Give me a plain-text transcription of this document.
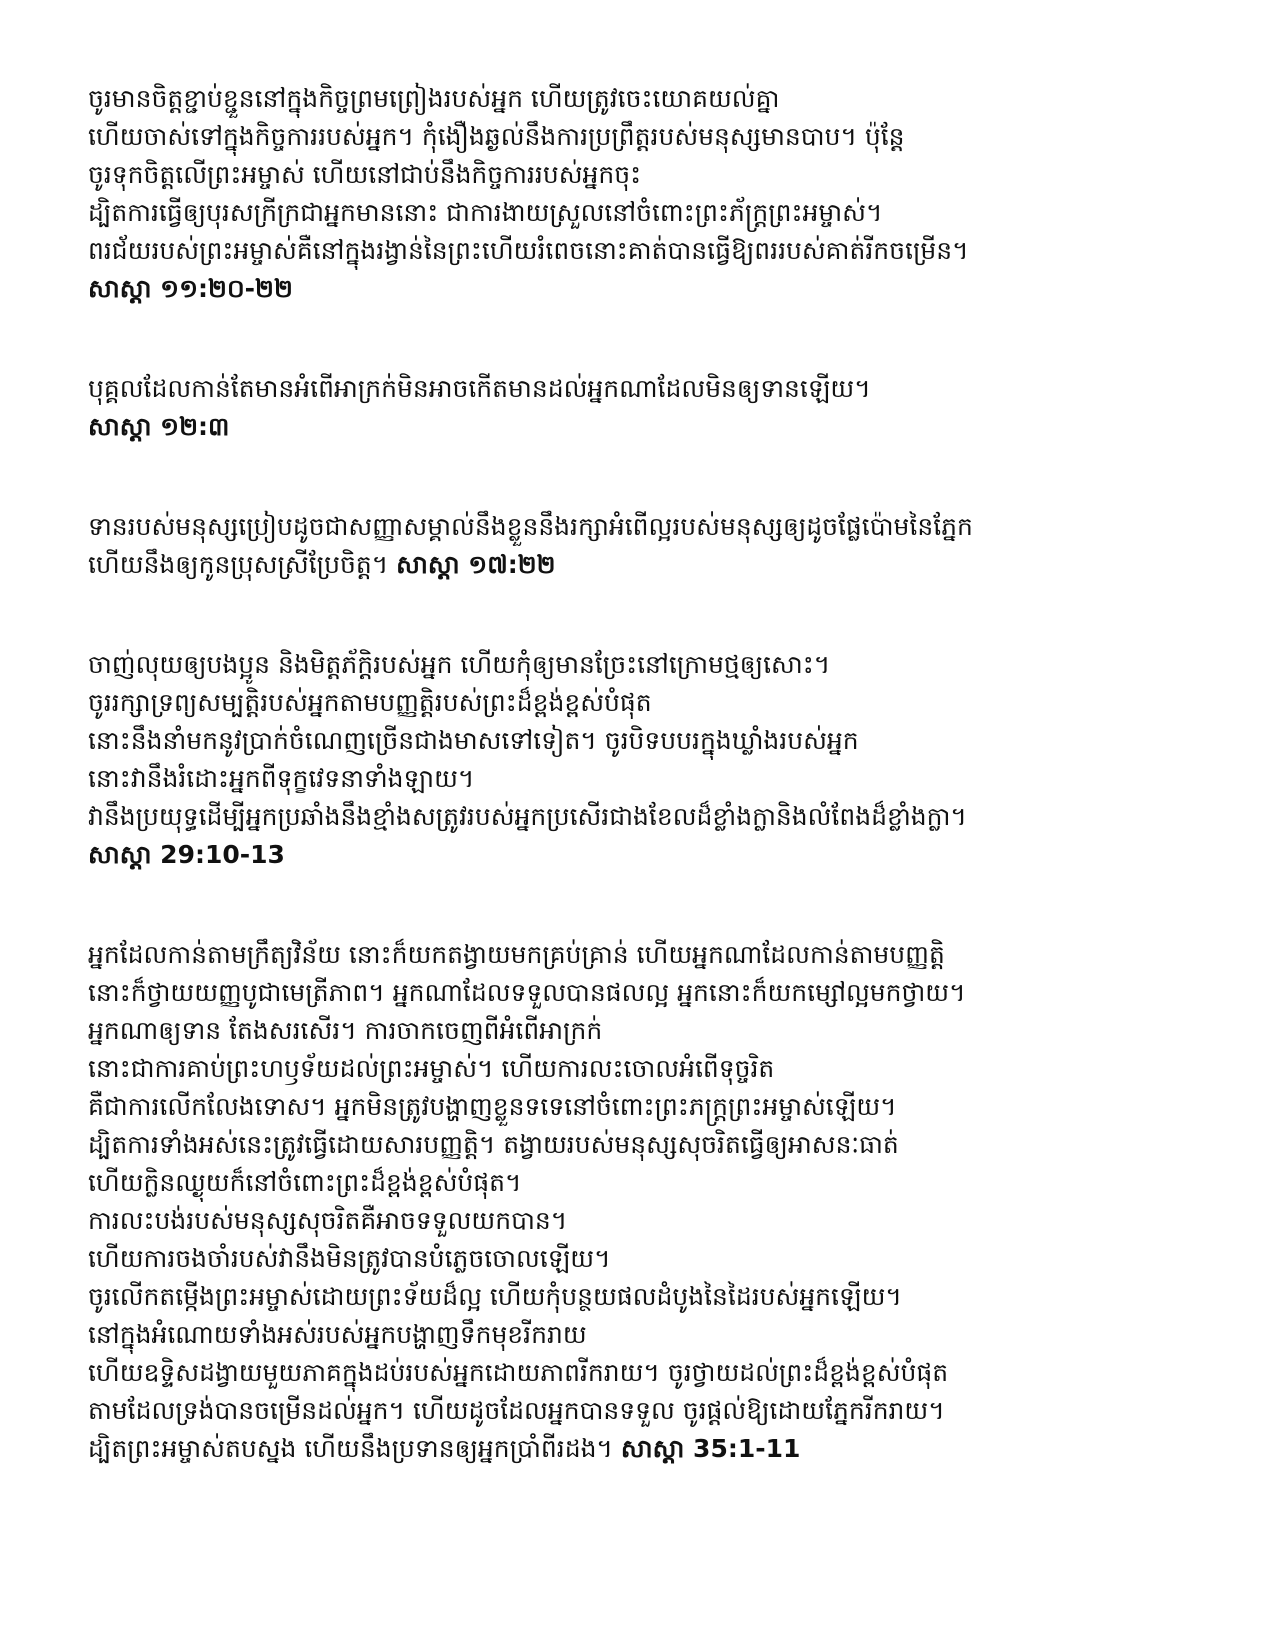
ចូរមានចិត្តខ្ជាប់ខ្ជួននៅក្នុងកិច្ចព្រមព្រៀងរបស់អ្នក ហើយត្រូវចេះយោគយល់គ្នា
ហើយចាស់ទៅក្នុងកិច្ចការរបស់អ្នក។ កុំងឿងឆ្ងល់នឹងការប្រព្រឹត្តរបស់មនុស្សមានបាប។ ប៉ុន្តែ
ចូរទុកចិត្តលើព្រះអម្ចាស់ ហើយនៅជាប់នឹងកិច្ចការរបស់អ្នកចុះ
ដ្បិតការធ្វើឲ្យបុរសក្រីក្រជាអ្នកមាននោះ ជាការងាយស្រួលនៅចំពោះព្រះភ័ក្ត្រព្រះអម្ចាស់។
ពរជ័យរបស់ព្រះអម្ចាស់គឺនៅក្នុងរង្វាន់នៃព្រះហើយរំពេចនោះគាត់បានធ្វើឱ្យពររបស់គាត់រីកចម្រើន។
សាស្តា ១១:២០-២២
បុគ្គលដែលកាន់តែមានអំពើអាក្រក់មិនអាចកើតមានដល់អ្នកណាដែលមិនឲ្យទានឡើយ។
សាស្តា ១២:៣
ទានរបស់មនុស្សប្រៀបដូចជាសញ្ញាសម្គាល់នឹងខ្លួននឹងរក្សាអំពើល្អរបស់មនុស្សឲ្យដូចផ្លែប៉ោមនៃភ្នែក
ហើយនឹងឲ្យកូនប្រុសស្រីប្រែចិត្ត។ សាស្តា ១៧:២២
ចាញ់លុយឲ្យបងប្អូន និងមិត្តភ័ក្តិរបស់អ្នក ហើយកុំឲ្យមានច្រែះនៅក្រោមថ្មឲ្យសោះ។
ចូររក្សាទ្រព្យសម្បត្តិរបស់អ្នកតាមបញ្ញត្តិរបស់ព្រះដ៏ខ្ពង់ខ្ពស់បំផុត
នោះនឹងនាំមកនូវប្រាក់ចំណេញច្រើនជាងមាសទៅទៀត។ ចូរបិទបបរក្នុងឃ្លាំងរបស់អ្នក
នោះវានឹងរំដោះអ្នកពីទុក្ខវេទនាទាំងឡាយ។
វានឹងប្រយុទ្ធដើម្បីអ្នកប្រឆាំងនឹងខ្មាំងសត្រូវរបស់អ្នកប្រសើរជាងខែលដ៏ខ្លាំងក្លានិងលំពែងដ៏ខ្លាំងក្លា។
សាស្តា 29:10-13
អ្នកដែលកាន់តាមក្រឹត្យវិន័យ នោះក៏យកតង្វាយមកគ្រប់គ្រាន់ ហើយអ្នកណាដែលកាន់តាមបញ្ញត្តិ
នោះក៏ថ្វាយយញ្ញបូជាមេត្រីភាព។ អ្នកណាដែលទទួលបានផលល្អ អ្នកនោះក៏យកម្សៅល្អមកថ្វាយ។
អ្នកណាឲ្យទាន តែងសរសើរ។ ការចាកចេញពីអំពើអាក្រក់
នោះជាការគាប់ព្រះហឫទ័យដល់ព្រះអម្ចាស់។ ហើយការលះចោលអំពើទុច្ចរិត
គឺជាការលើកលែងទោស។ អ្នកមិនត្រូវបង្ហាញខ្លួនទទេនៅចំពោះព្រះភក្ត្រព្រះអម្ចាស់ឡើយ។
ដ្បិតការទាំងអស់នេះត្រូវធ្វើដោយសារបញ្ញត្តិ។ តង្វាយរបស់មនុស្សសុចរិតធ្វើឲ្យអាសនៈធាត់
ហើយក្លិនឈ្ងុយក៏នៅចំពោះព្រះដ៏ខ្ពង់ខ្ពស់បំផុត។
ការលះបង់របស់មនុស្សសុចរិតគឺអាចទទួលយកបាន។
ហើយការចងចាំរបស់វានឹងមិនត្រូវបានបំភ្លេចចោលឡើយ។
ចូរលើកតម្កើងព្រះអម្ចាស់ដោយព្រះទ័យដ៏ល្អ ហើយកុំបន្ថយផលដំបូងនៃដៃរបស់អ្នកឡើយ។
នៅក្នុងអំណោយទាំងអស់របស់អ្នកបង្ហាញទឹកមុខរីករាយ
ហើយឧទ្ទិសដង្វាយមួយភាគក្នុងដប់របស់អ្នកដោយភាពរីករាយ។ ចូរថ្វាយដល់ព្រះដ៏ខ្ពង់ខ្ពស់បំផុត
តាមដែលទ្រង់បានចម្រើនដល់អ្នក។ ហើយដូចដែលអ្នកបានទទួល ចូរផ្តល់ឱ្យដោយភ្នែករីករាយ។
ដ្បិតព្រះអម្ចាស់តបស្នង ហើយនឹងប្រទានឲ្យអ្នកប្រាំពីរដង។ សាស្តា 35:1-11
